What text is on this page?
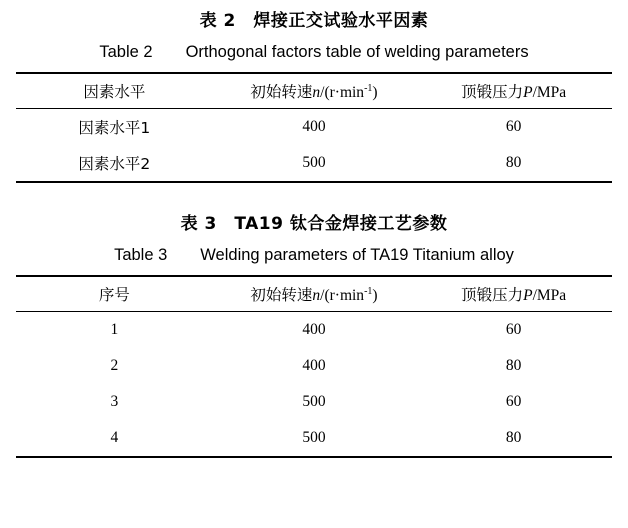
表 2　焊接正交试验水平因素
Table 2　　Orthogonal factors table of welding parameters
因素水平	初始转速$n/(r\cdot\min^{-1})$	顶锻压力P/MPa
因素水平1	400	60
因素水平2	500	80
表 3　TA19 钛合金焊接工艺参数
Table 3　　Welding parameters of TA19 Titanium alloy
序号	初始转速$n/(r\cdot\min^{-1})$	顶锻压力P/MPa
1	400	60
2	400	80
3	500	60
4	500	80
